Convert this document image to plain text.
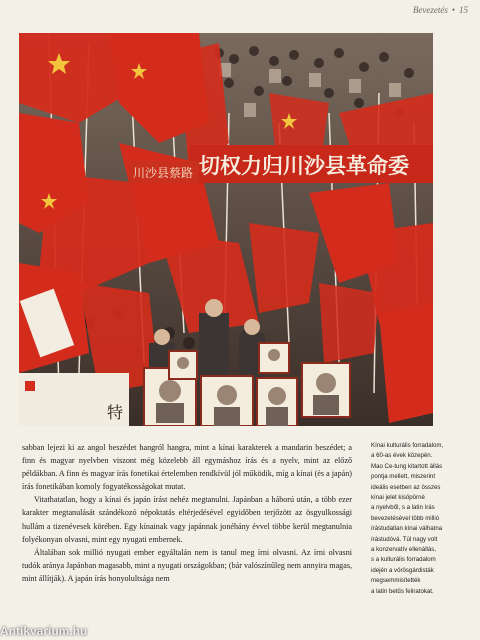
Bevezetés • 15
切权力归川沙县革命委
川沙县蔡路
特

sabban lejezi ki az angol beszédet hangról hangra, mint a kínai karakterek a mandarin beszédet; a finn és magyar nyelvben viszont még közelebb áll egymáshoz írás és a nyelv, mint az előző példákban. A finn és magyar írás fonetikai értelemben rendkívül jól működik, míg a kínai (és a japán) írás fonetikában komoly fogyatékosságokat mutat.

Vitathatatlan, hogy a kínai és japán írást nehéz megtanulni. Japánban a háború után, a több ezer karakter megtanulását szándékozó népoktatás eltérjedésével egyidőben terjőzött az ösgyulkossági hullám a tizenévesek körében. Egy kínainak vagy japánnak jonéhány évvel többe kerül megtanulnia folyékonyan olvasni, mint egy nyugati embernek.

Általában sok millió nyugati ember egyáltalán nem is tanul meg írni olvasni. Az írni olvasni tudók aránya Japánban magasabb, mint a nyugati országokban; (bár valószínűleg nem annyira magas, mint állítják). A japán írás bonyolultsága nem

Kínai kulturális forradalom,
a 60-as évek közepén.
Mao Ce-tung kitartott állás
pontja mellett, miszerint
ideális esetben az összes
kínai jelet kisöpörné
a nyelvből, s a latin írás
bevezetésével több millió
írástudatlan kínai válhatna
írástudóvá. Túl nagy volt
a konzervatív ellenállás,
s a kulturális forradalom
idején a vörösgárdisták
megsemmisítették
a latin betűs feliratokat.
Antikvarium.hu
